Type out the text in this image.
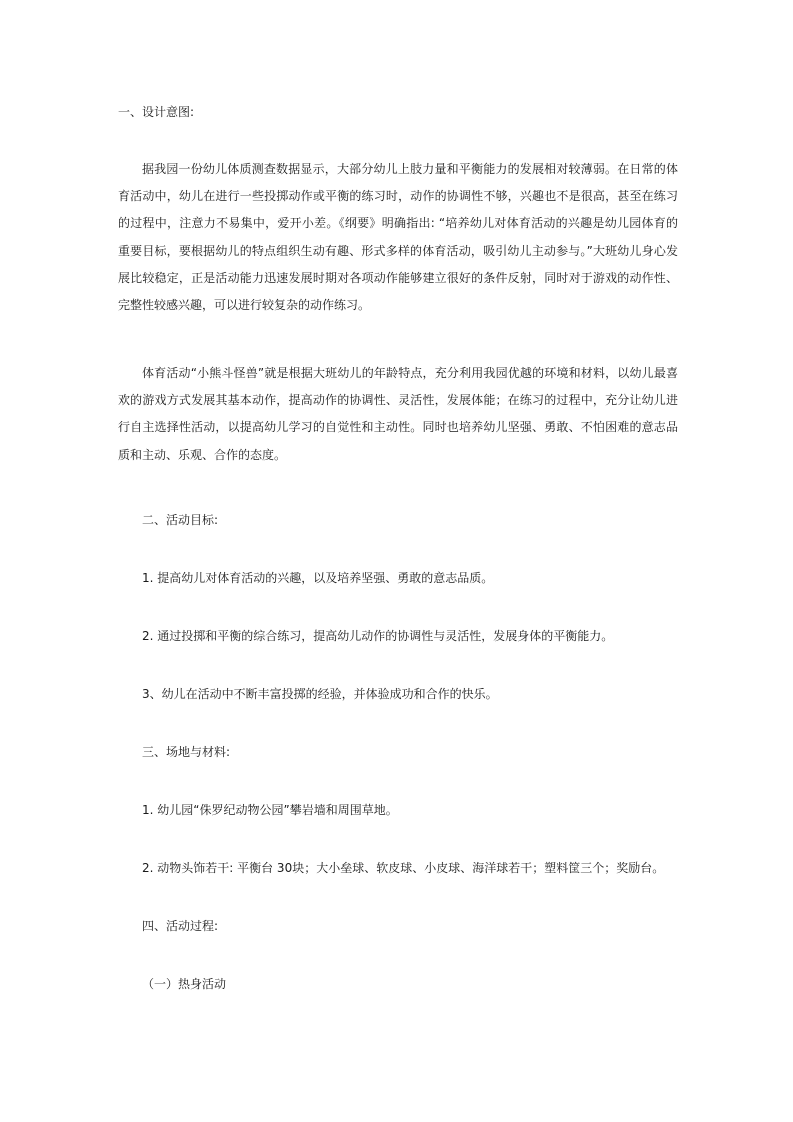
一、设计意图:
据我园一份幼儿体质测查数据显示，大部分幼儿上肢力量和平衡能力的发展相对较薄弱。在日常的体育活动中，幼儿在进行一些投掷动作或平衡的练习时，动作的协调性不够，兴趣也不是很高，甚至在练习的过程中，注意力不易集中，爱开小差。《纲要》明确指出: “培养幼儿对体育活动的兴趣是幼儿园体育的重要目标，要根据幼儿的特点组织生动有趣、形式多样的体育活动，吸引幼儿主动参与。”大班幼儿身心发展比较稳定，正是活动能力迅速发展时期对各项动作能够建立很好的条件反射，同时对于游戏的动作性、完整性较感兴趣，可以进行较复杂的动作练习。
体育活动“小熊斗怪兽”就是根据大班幼儿的年龄特点，充分利用我园优越的环境和材料，以幼儿最喜欢的游戏方式发展其基本动作，提高动作的协调性、灵活性，发展体能；在练习的过程中，充分让幼儿进行自主选择性活动，以提高幼儿学习的自觉性和主动性。同时也培养幼儿坚强、勇敢、不怕困难的意志品质和主动、乐观、合作的态度。
二、活动目标:
1. 提高幼儿对体育活动的兴趣，以及培养坚强、勇敢的意志品质。
2. 通过投掷和平衡的综合练习，提高幼儿动作的协调性与灵活性，发展身体的平衡能力。
3、幼儿在活动中不断丰富投掷的经验，并体验成功和合作的快乐。
三、场地与材料:
1. 幼儿园“侏罗纪动物公园”攀岩墙和周围草地。
2. 动物头饰若干: 平衡台 30块；大小垒球、软皮球、小皮球、海洋球若干；塑料筐三个；奖励台。
四、活动过程:
（一）热身活动
